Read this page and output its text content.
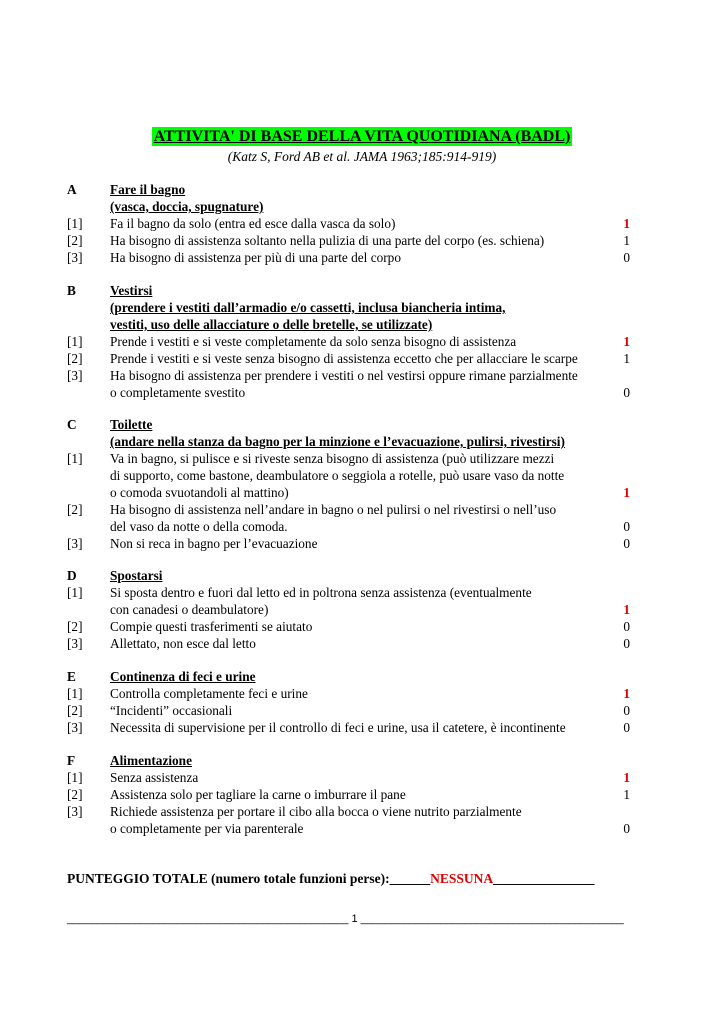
ATTIVITA' DI BASE DELLA VITA QUOTIDIANA (BADL)
(Katz S, Ford AB et al. JAMA 1963;185:914-919)
A	Fare il bagno
(vasca, doccia, spugnature)
[1] Fa il bagno da solo (entra ed esce dalla vasca da solo)	1
[2] Ha bisogno di assistenza soltanto nella pulizia di una parte del corpo (es. schiena)	1
[3] Ha bisogno di assistenza per più di una parte del corpo	0
B	Vestirsi
(prendere i vestiti dall’armadio e/o cassetti, inclusa biancheria intima,
vestiti, uso delle allacciature o delle bretelle, se utilizzate)
[1] Prende i vestiti e si veste completamente da solo senza bisogno di assistenza	1
[2] Prende i vestiti e si veste senza bisogno di assistenza eccetto che per allacciare le scarpe	1
[3] Ha bisogno di assistenza per prendere i vestiti o nel vestirsi oppure rimane parzialmente
o completamente svestito	0
C	Toilette
(andare nella stanza da bagno per la minzione e l’evacuazione, pulirsi, rivestirsi)
[1] Va in bagno, si pulisce e si riveste senza bisogno di assistenza (può utilizzare mezzi
di supporto, come bastone, deambulatore o seggiola a rotelle, può usare vaso da notte
o comoda svuotandoli al mattino)	1
[2] Ha bisogno di assistenza nell’andare in bagno o nel pulirsi o nel rivestirsi o nell’uso
del vaso da notte o della comoda.	0
[3] Non si reca in bagno per l’evacuazione	0
D	Spostarsi
[1] Si sposta dentro e fuori dal letto ed in poltrona senza assistenza (eventualmente
con canadesi o deambulatore)	1
[2] Compie questi trasferimenti se aiutato	0
[3] Allettato, non esce dal letto	0
E	Continenza di feci e urine
[1] Controlla completamente feci e urine	1
[2] “Incidenti” occasionali	0
[3] Necessita di supervisione per il controllo di feci e urine, usa il catetere, è incontinente	0
F	Alimentazione
[1] Senza assistenza	1
[2] Assistenza solo per tagliare la carne o imburrare il pane	1
[3] Richiede assistenza per portare il cibo alla bocca o viene nutrito parzialmente
o completamente per via parenterale	0
PUNTEGGIO TOTALE (numero totale funzioni perse):______NESSUNA_______________
______________________________________________ 1 ___________________________________________
